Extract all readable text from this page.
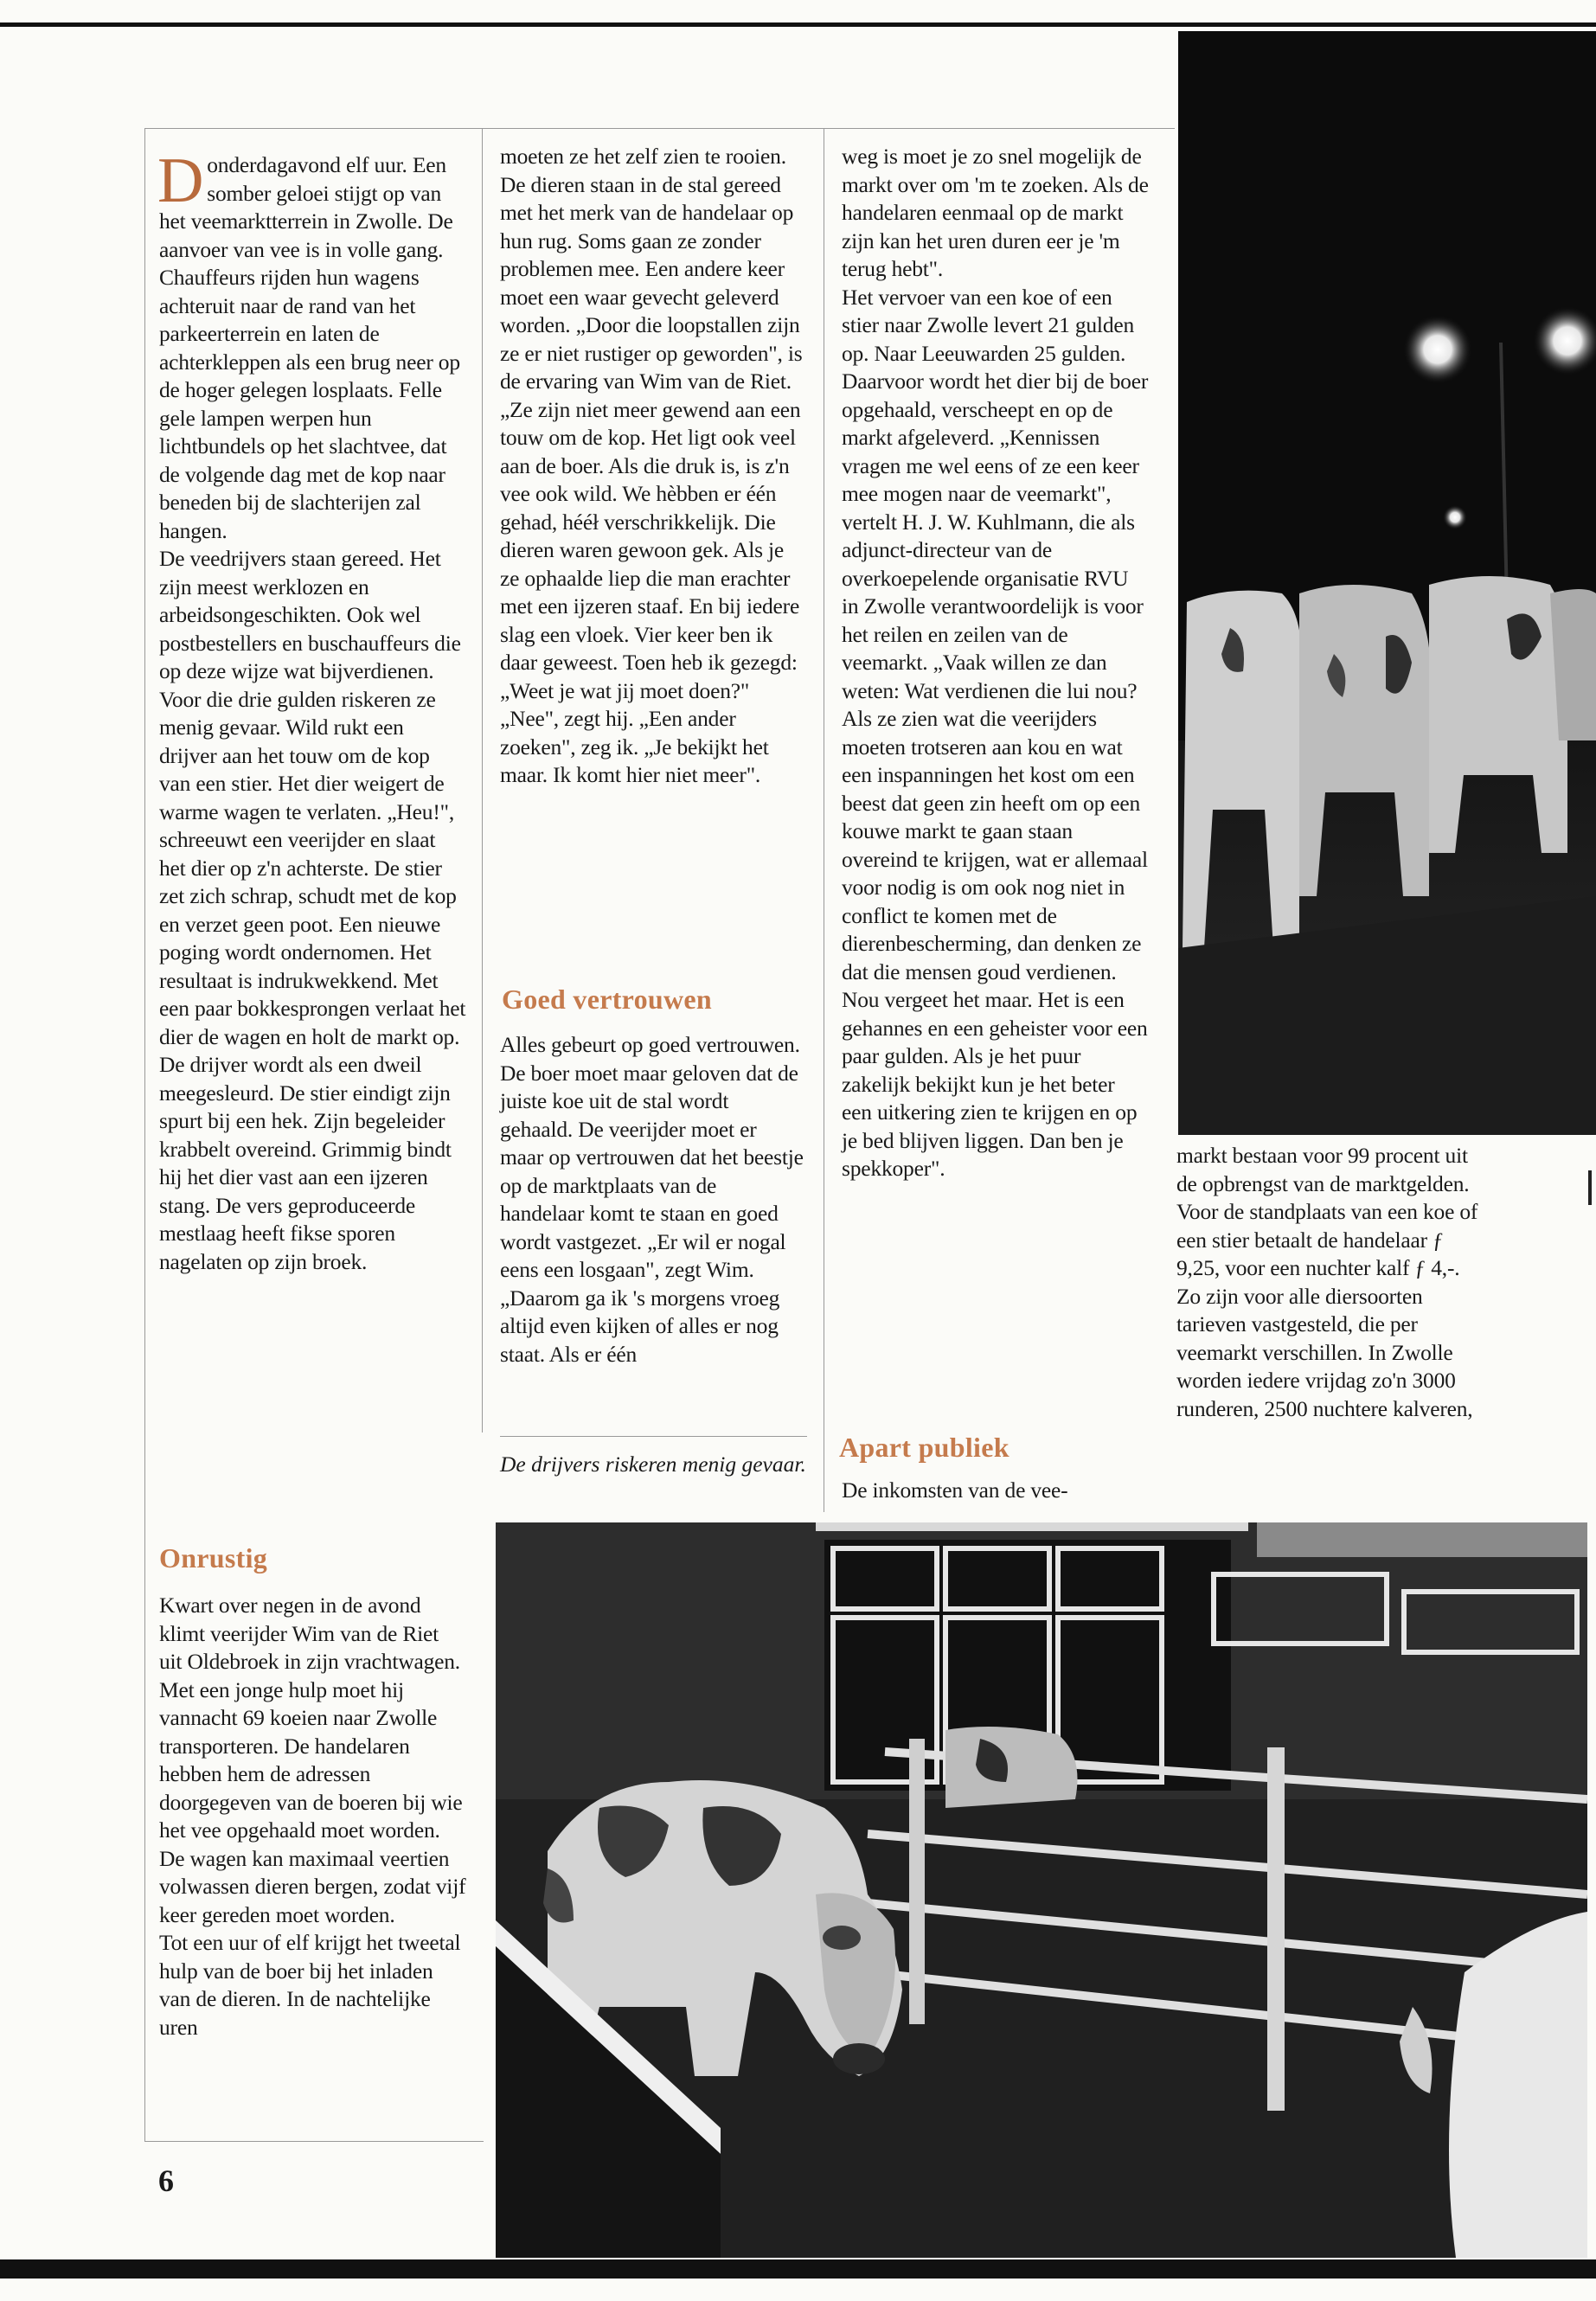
D onderdagavond elf uur. Een somber geloei stijgt op van het veemarktterrein in Zwolle. De aanvoer van vee is in volle gang. Chauffeurs rijden hun wagens achteruit naar de rand van het parkeerterrein en laten de achterkleppen als een brug neer op de hoger gelegen losplaats. Felle gele lampen werpen hun lichtbundels op het slachtvee, dat de volgende dag met de kop naar beneden bij de slachterijen zal hangen.

De veedrijvers staan gereed. Het zijn meest werklozen en arbeidsongeschikten. Ook wel postbestellers en buschauffeurs die op deze wijze wat bijverdienen. Voor die drie gulden riskeren ze menig gevaar. Wild rukt een drijver aan het touw om de kop van een stier. Het dier weigert de warme wagen te verlaten. „Heu!", schreeuwt een veerijder en slaat het dier op z'n achterste. De stier zet zich schrap, schudt met de kop en verzet geen poot. Een nieuwe poging wordt ondernomen. Het resultaat is indrukwekkend. Met een paar bokkesprongen verlaat het dier de wagen en holt de markt op. De drijver wordt als een dweil meegesleurd. De stier eindigt zijn spurt bij een hek. Zijn begeleider krabbelt overeind. Grimmig bindt hij het dier vast aan een ijzeren stang. De vers geproduceerde mestlaag heeft fikse sporen nagelaten op zijn broek.

Onrustig

Kwart over negen in de avond klimt veerijder Wim van de Riet uit Oldebroek in zijn vrachtwagen. Met een jonge hulp moet hij vannacht 69 koeien naar Zwolle transporteren. De handelaren hebben hem de adressen doorgegeven van de boeren bij wie het vee opgehaald moet worden. De wagen kan maximaal veertien volwassen dieren bergen, zodat vijf keer gereden moet worden.

Tot een uur of elf krijgt het tweetal hulp van de boer bij het inladen van de dieren. In de nachtelijke uren

moeten ze het zelf zien te rooien. De dieren staan in de stal gereed met het merk van de handelaar op hun rug. Soms gaan ze zonder problemen mee. Een andere keer moet een waar gevecht geleverd worden. „Door die loopstallen zijn ze er niet rustiger op geworden", is de ervaring van Wim van de Riet. „Ze zijn niet meer gewend aan een touw om de kop. Het ligt ook veel aan de boer. Als die druk is, is z'n vee ook wild. We hèbben er één gehad, hééł verschrikkelijk. Die dieren waren gewoon gek. Als je ze ophaalde liep die man erachter met een ijzeren staaf. En bij iedere slag een vloek. Vier keer ben ik daar geweest. Toen heb ik gezegd: „Weet je wat jij moet doen?" „Nee", zegt hij. „Een ander zoeken", zeg ik. „Je bekijkt het maar. Ik komt hier niet meer".

Goed vertrouwen

Alles gebeurt op goed vertrouwen. De boer moet maar geloven dat de juiste koe uit de stal wordt gehaald. De veerijder moet er maar op vertrouwen dat het beestje op de marktplaats van de handelaar komt te staan en goed wordt vastgezet. „Er wil er nogal eens een losgaan", zegt Wim. „Daarom ga ik 's morgens vroeg altijd even kijken of alles er nog staat. Als er één

De drijvers riskeren menig gevaar.

weg is moet je zo snel mogelijk de markt over om 'm te zoeken. Als de handelaren eenmaal op de markt zijn kan het uren duren eer je 'm terug hebt".

Het vervoer van een koe of een stier naar Zwolle levert 21 gulden op. Naar Leeuwarden 25 gulden. Daarvoor wordt het dier bij de boer opgehaald, verscheept en op de markt afgeleverd. „Kennissen vragen me wel eens of ze een keer mee mogen naar de veemarkt", vertelt H. J. W. Kuhlmann, die als adjunct-directeur van de overkoepelende organisatie RVU in Zwolle verantwoordelijk is voor het reilen en zeilen van de veemarkt. „Vaak willen ze dan weten: Wat verdienen die lui nou? Als ze zien wat die veerijders moeten trotseren aan kou en wat een inspanningen het kost om een beest dat geen zin heeft om op een kouwe markt te gaan staan overeind te krijgen, wat er allemaal voor nodig is om ook nog niet in conflict te komen met de dierenbescherming, dan denken ze dat die mensen goud verdienen. Nou vergeet het maar. Het is een gehannes en een geheister voor een paar gulden. Als je het puur zakelijk bekijkt kun je het beter een uitkering zien te krijgen en op je bed blijven liggen. Dan ben je spekkoper".

Apart publiek

De inkomsten van de vee-

markt bestaan voor 99 procent uit de opbrengst van de marktgelden. Voor de standplaats van een koe of een stier betaalt de handelaar ƒ 9,25, voor een nuchter kalf ƒ 4,-. Zo zijn voor alle diersoorten tarieven vastgesteld, die per veemarkt verschillen. In Zwolle worden iedere vrijdag zo'n 3000 runderen, 2500 nuchtere kalveren,

6
